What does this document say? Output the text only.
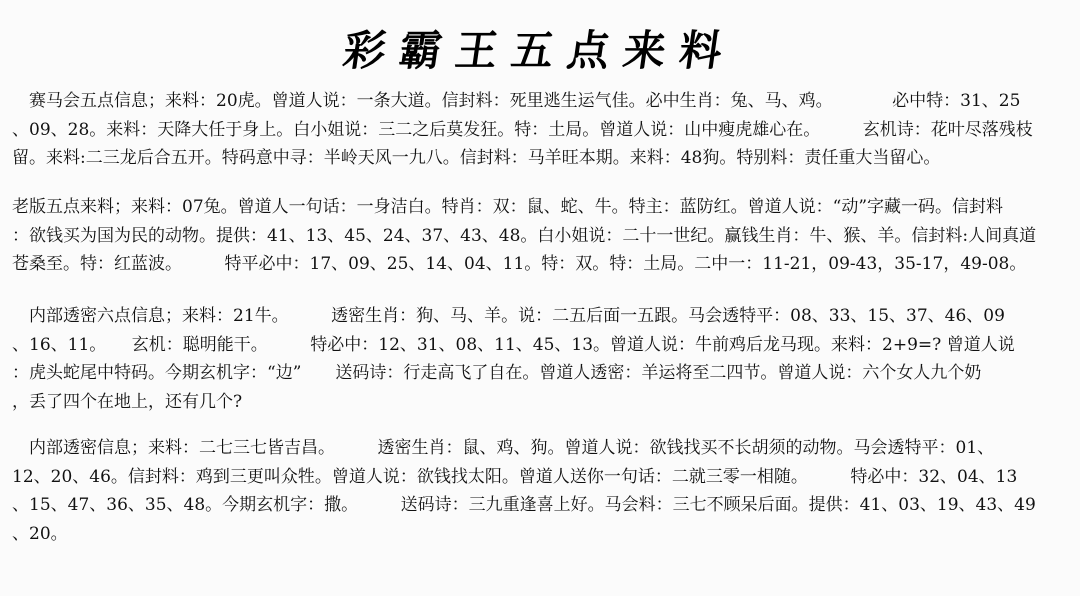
彩霸王五点来料
　赛马会五点信息；来料：20虎。曾道人说：一条大道。信封料：死里逃生运气佳。必中生肖：兔、马、鸡。　　　　必中特：31、25
、09、28。来料：天降大任于身上。白小姐说：三二之后莫发狂。特：土局。曾道人说：山中瘦虎雄心在。　　　玄机诗：花叶尽落残枝
留。来料:二三龙后合五开。特码意中寻：半岭天风一九八。信封料：马羊旺本期。来料：48狗。特别料：责任重大当留心。
老版五点来料；来料：07兔。曾道人一句话：一身洁白。特肖：双：鼠、蛇、牛。特主：蓝防红。曾道人说：“动”字藏一码。信封料
：欲钱买为国为民的动物。提供：41、13、45、24、37、43、48。白小姐说：二十一世纪。赢钱生肖：牛、猴、羊。信封料:人间真道
苍桑至。特：红蓝波。　　　特平必中：17、09、25、14、04、11。特：双。特：土局。二中一：11-21，09-43，35-17，49-08。
　内部透密六点信息；来料：21牛。　　　透密生肖：狗、马、羊。说：二五后面一五跟。马会透特平：08、33、15、37、46、09
、16、11。　　玄机：聪明能干。　　　特必中：12、31、08、11、45、13。曾道人说：牛前鸡后龙马现。来料：2+9=? 曾道人说
：虎头蛇尾中特码。今期玄机字：“边”　　送码诗：行走高飞了自在。曾道人透密：羊运将至二四节。曾道人说：六个女人九个奶
，丢了四个在地上，还有几个?
　内部透密信息；来料：二七三七皆吉昌。　　　透密生肖：鼠、鸡、狗。曾道人说：欲钱找买不长胡须的动物。马会透特平：01、
12、20、46。信封料：鸡到三更叫众牲。曾道人说：欲钱找太阳。曾道人送你一句话：二就三零一相随。　　　特必中：32、04、13
、15、47、36、35、48。今期玄机字：撒。　　　送码诗：三九重逢喜上好。马会料：三七不顾呆后面。提供：41、03、19、43、49
、20。
